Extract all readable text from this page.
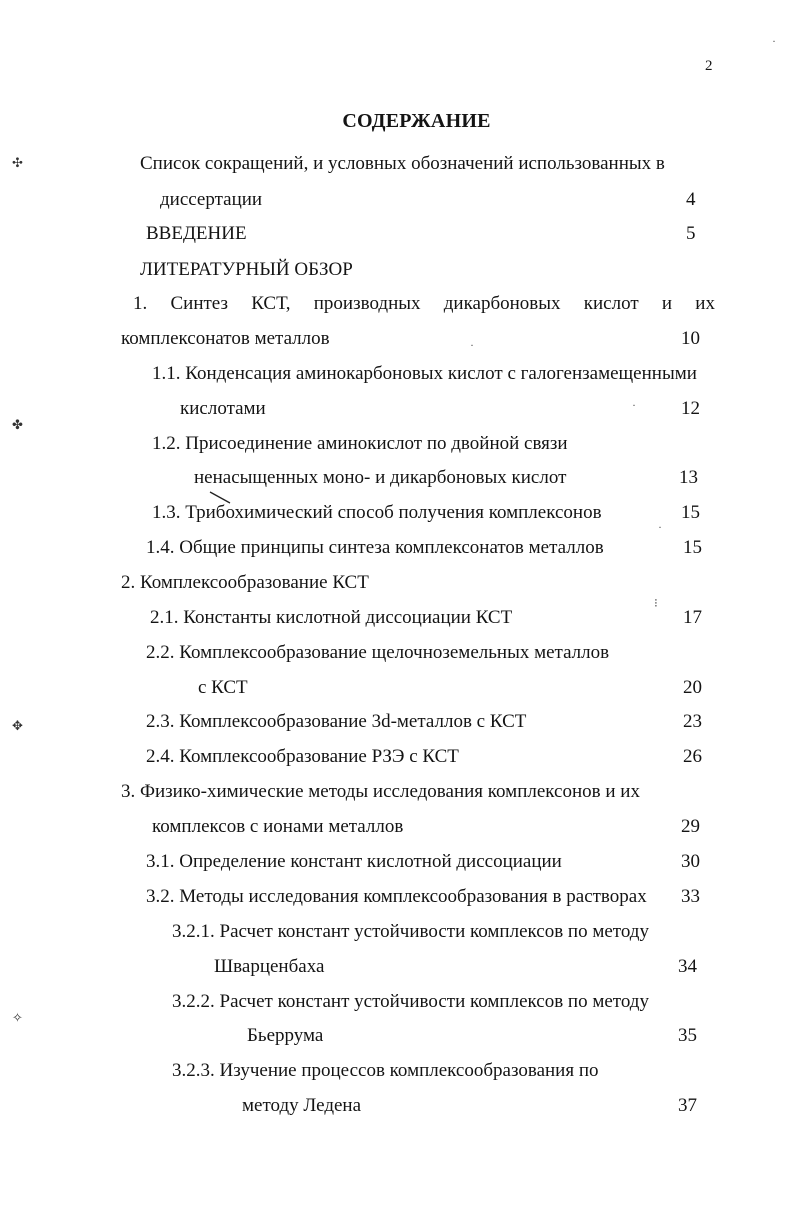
2
СОДЕРЖАНИЕ
Список сокращений, и условных обозначений использованных в
диссертации	4
ВВЕДЕНИЕ	5
ЛИТЕРАТУРНЫЙ ОБЗОР
1. Синтез КСТ, производных дикарбоновых кислот и их
комплексонатов металлов	10
1.1. Конденсация аминокарбоновых кислот с галогензамещенными
кислотами	12
1.2. Присоединение аминокислот по двойной связи
ненасыщенных моно- и дикарбоновых кислот	13
1.3. Трибохимический способ получения комплексонов	15
1.4. Общие принципы синтеза комплексонатов металлов	15
2. Комплексообразование КСТ
2.1. Константы кислотной диссоциации КСТ	17
2.2. Комплексообразование щелочноземельных металлов
с КСТ	20
2.3. Комплексообразование 3d-металлов с КСТ	23
2.4. Комплексообразование РЗЭ с КСТ	26
3. Физико-химические методы исследования комплексонов и их
комплексов с ионами металлов	29
3.1. Определение констант кислотной диссоциации	30
3.2. Методы исследования комплексообразования в растворах 33
3.2.1. Расчет констант устойчивости комплексов по методу
Шварценбаха	34
3.2.2. Расчет констант устойчивости комплексов по методу
Бьеррума	35
3.2.3. Изучение процессов комплексообразования по
методу Ледена	37
✣
✤
✥
✧
·
·
·
·
⁝
